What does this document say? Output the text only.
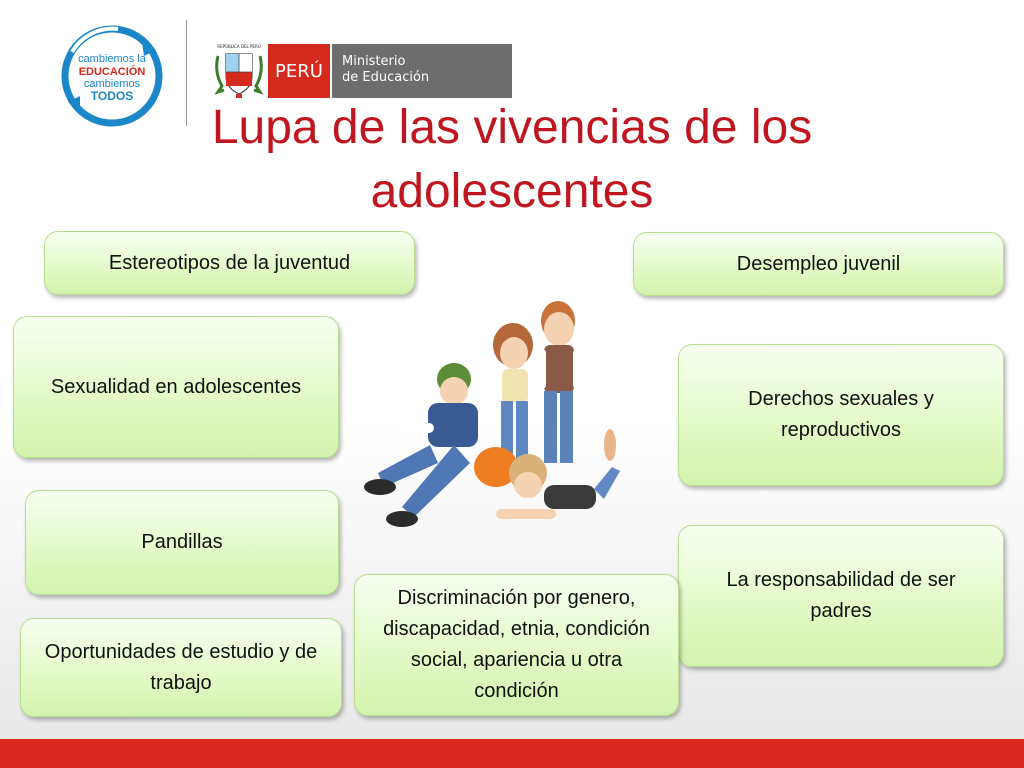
cambiemos la
EDUCACIÓN
cambiemos
TODOS
REPÚBLICA DEL PERÚ
PERÚ	Ministerio
de Educación
Lupa de las vivencias de los
adolescentes
Estereotipos de la juventud	Desempleo juvenil
Sexualidad en adolescentes
Derechos sexuales y reproductivos
Pandillas
La responsabilidad de ser padres
Oportunidades de estudio y de trabajo
Discriminación por genero, discapacidad, etnia, condición social, apariencia u otra condición
